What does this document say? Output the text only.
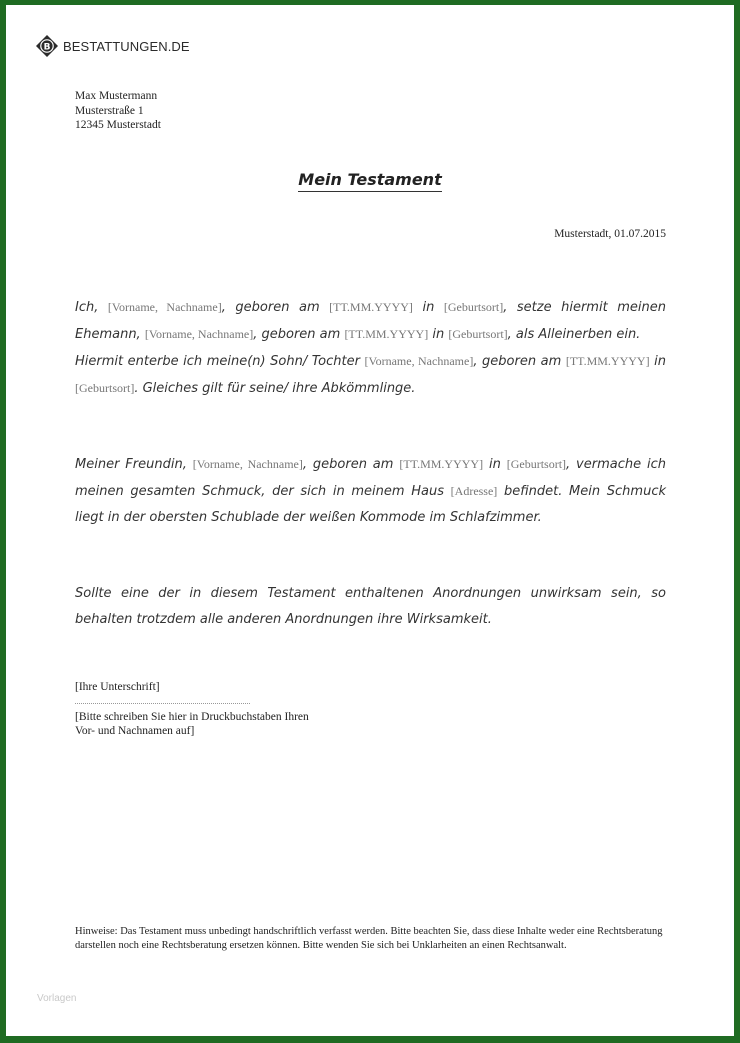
B BESTATTUNGEN.DE
Max Mustermann
Musterstraße 1
12345 Musterstadt
Mein Testament
Musterstadt, 01.07.2015
Ich, [Vorname, Nachname], geboren am [TT.MM.YYYY] in [Geburtsort], setze hiermit meinen Ehemann, [Vorname, Nachname], geboren am [TT.MM.YYYY] in [Geburtsort], als Alleinerben ein.
Hiermit enterbe ich meine(n) Sohn/ Tochter [Vorname, Nachname], geboren am [TT.MM.YYYY] in [Geburtsort]. Gleiches gilt für seine/ ihre Abkömmlinge.
Meiner Freundin, [Vorname, Nachname], geboren am [TT.MM.YYYY] in [Geburtsort], vermache ich meinen gesamten Schmuck, der sich in meinem Haus [Adresse] befindet. Mein Schmuck liegt in der obersten Schublade der weißen Kommode im Schlafzimmer.
Sollte eine der in diesem Testament enthaltenen Anordnungen unwirksam sein, so behalten trotzdem alle anderen Anordnungen ihre Wirksamkeit.
[Ihre Unterschrift]
[Bitte schreiben Sie hier in Druckbuchstaben Ihren
Vor- und Nachnamen auf]
Hinweise: Das Testament muss unbedingt handschriftlich verfasst werden. Bitte beachten Sie, dass diese Inhalte weder eine Rechtsberatung darstellen noch eine Rechtsberatung ersetzen können. Bitte wenden Sie sich bei Unklarheiten an einen Rechtsanwalt.
Vorlagen
